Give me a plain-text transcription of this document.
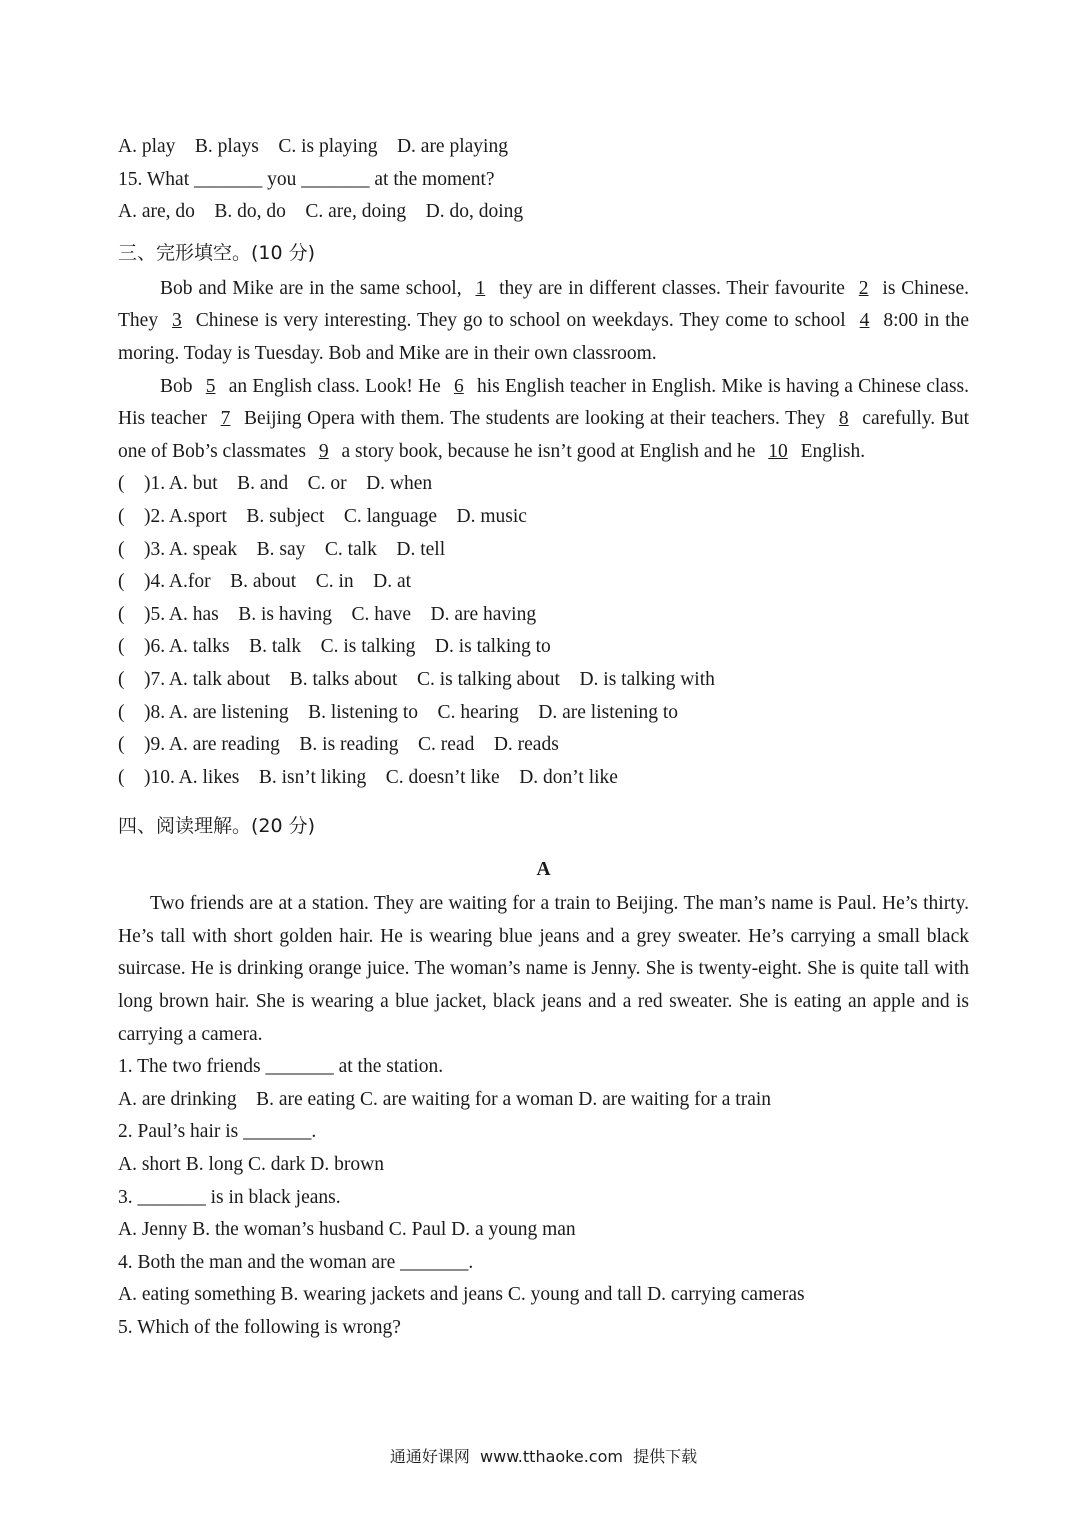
A. play    B. plays    C. is playing    D. are playing
15. What _______ you _______ at the moment?
A. are, do    B. do, do    C. are, doing    D. do, doing
三、完形填空。(10 分)
Bob and Mike are in the same school, 1 they are in different classes. Their favourite 2 is Chinese. They 3 Chinese is very interesting. They go to school on weekdays. They come to school 4 8:00 in the moring. Today is Tuesday. Bob and Mike are in their own classroom.
Bob 5 an English class. Look! He 6 his English teacher in English. Mike is having a Chinese class. His teacher 7 Beijing Opera with them. The students are looking at their teachers. They 8 carefully. But one of Bob’s classmates 9 a story book, because he isn’t good at English and he 10 English.
( )1. A. but    B. and    C. or    D. when
( )2. A.sport    B. subject    C. language    D. music
( )3. A. speak    B. say    C. talk    D. tell
( )4. A.for    B. about    C. in    D. at
( )5. A. has    B. is having    C. have    D. are having
( )6. A. talks    B. talk    C. is talking    D. is talking to
( )7. A. talk about    B. talks about    C. is talking about    D. is talking with
( )8. A. are listening    B. listening to    C. hearing    D. are listening to
( )9. A. are reading    B. is reading    C. read    D. reads
( )10. A. likes    B. isn’t liking    C. doesn’t like    D. don’t like
四、阅读理解。(20 分)
A
Two friends are at a station. They are waiting for a train to Beijing. The man’s name is Paul. He’s thirty. He’s tall with short golden hair. He is wearing blue jeans and a grey sweater. He’s carrying a small black suircase. He is drinking orange juice. The woman’s name is Jenny. She is twenty-eight. She is quite tall with long brown hair. She is wearing a blue jacket, black jeans and a red sweater. She is eating an apple and is carrying a camera.
1. The two friends _______ at the station.
A. are drinking    B. are eating C. are waiting for a woman D. are waiting for a train
2. Paul’s hair is _______.
A. short B. long C. dark D. brown
3. _______ is in black jeans.
A. Jenny B. the woman’s husband C. Paul D. a young man
4. Both the man and the woman are _______.
A. eating something B. wearing jackets and jeans C. young and tall D. carrying cameras
5. Which of the following is wrong?
通通好课网  www.tthaoke.com  提供下载
